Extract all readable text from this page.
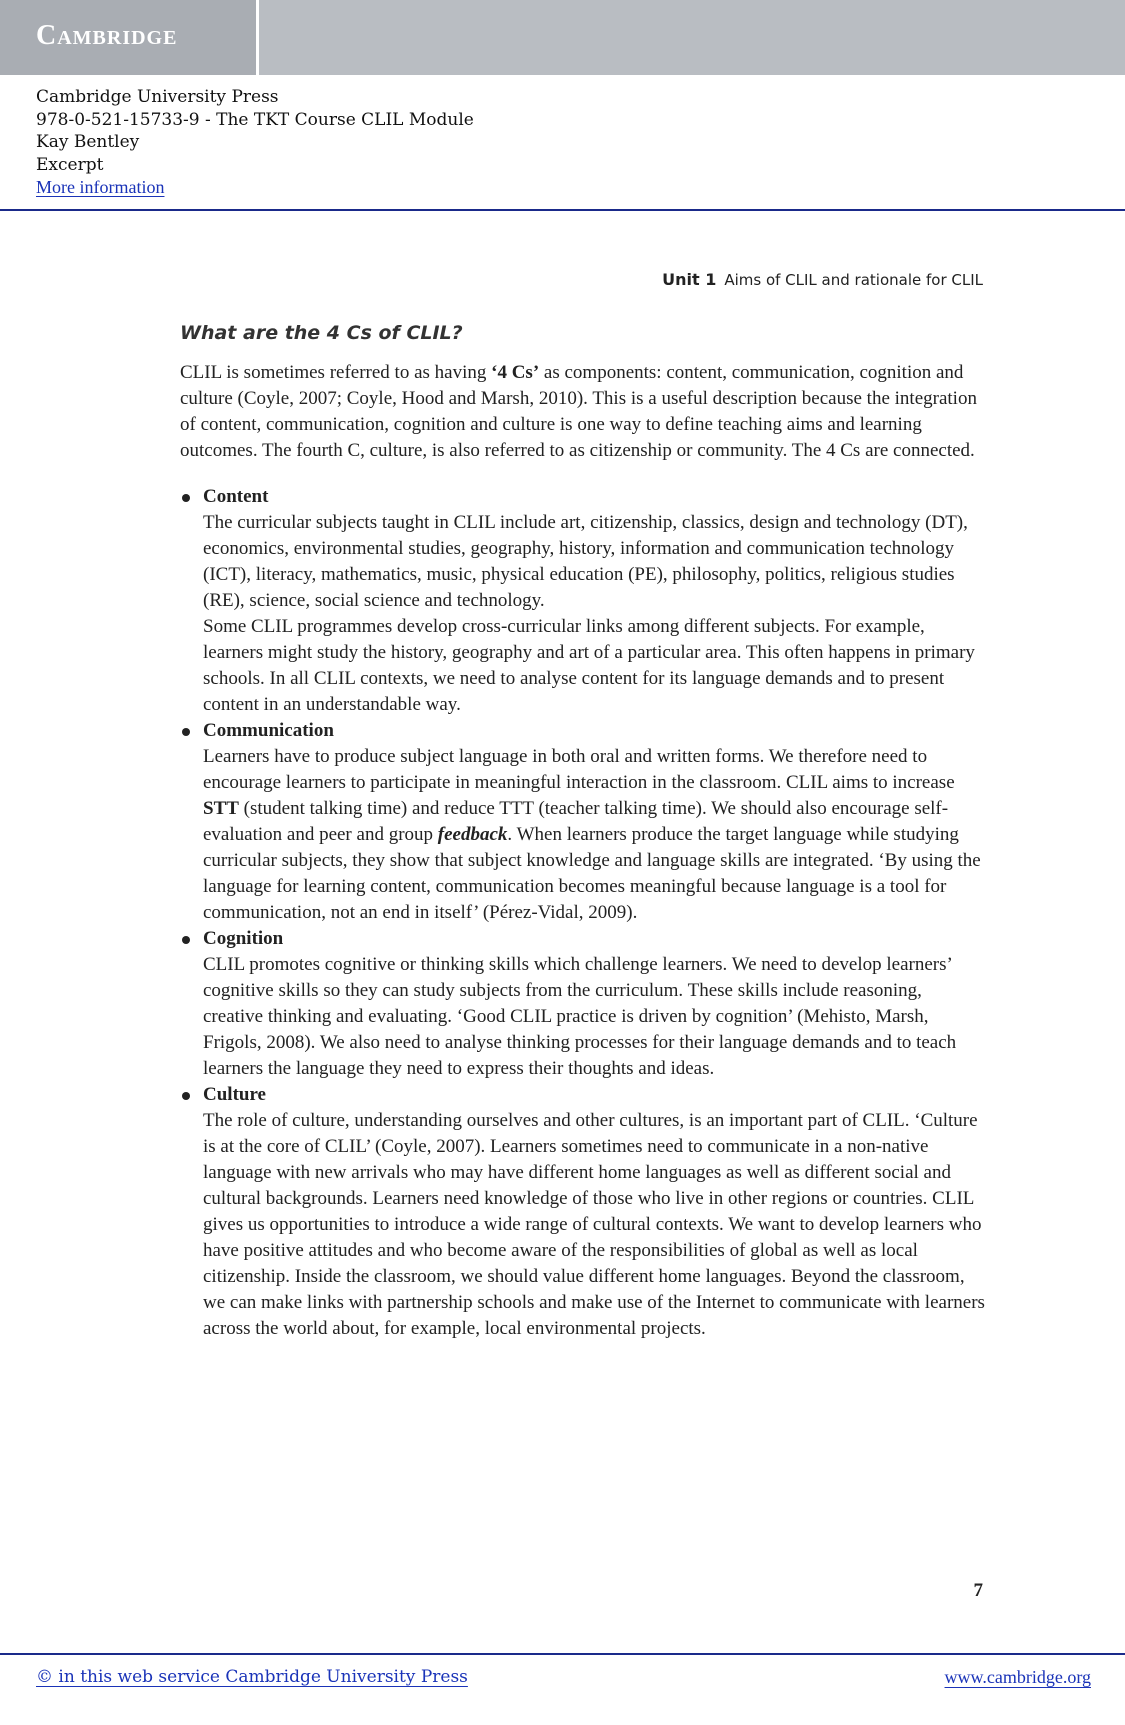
Cambridge
Cambridge University Press
978-0-521-15733-9 - The TKT Course CLIL Module
Kay Bentley
Excerpt
More information
Unit 1 Aims of CLIL and rationale for CLIL
What are the 4 Cs of CLIL?

CLIL is sometimes referred to as having ‘4 Cs’ as components: content, communication, cognition and culture (Coyle, 2007; Coyle, Hood and Marsh, 2010). This is a useful description because the integration of content, communication, cognition and culture is one way to define teaching aims and learning outcomes. The fourth C, culture, is also referred to as citizenship or community. The 4 Cs are connected.

Content

The curricular subjects taught in CLIL include art, citizenship, classics, design and technology (DT), economics, environmental studies, geography, history, information and communication technology (ICT), literacy, mathematics, music, physical education (PE), philosophy, politics, religious studies (RE), science, social science and technology.

Some CLIL programmes develop cross-curricular links among different subjects. For example, learners might study the history, geography and art of a particular area. This often happens in primary schools. In all CLIL contexts, we need to analyse content for its language demands and to present content in an understandable way.

Communication

Learners have to produce subject language in both oral and written forms. We therefore need to encourage learners to participate in meaningful interaction in the classroom. CLIL aims to increase STT (student talking time) and reduce TTT (teacher talking time). We should also encourage self-evaluation and peer and group feedback. When learners produce the target language while studying curricular subjects, they show that subject knowledge and language skills are integrated. ‘By using the language for learning content, communication becomes meaningful because language is a tool for communication, not an end in itself’ (Pérez-Vidal, 2009).

Cognition

CLIL promotes cognitive or thinking skills which challenge learners. We need to develop learners’ cognitive skills so they can study subjects from the curriculum. These skills include reasoning, creative thinking and evaluating. ‘Good CLIL practice is driven by cognition’ (Mehisto, Marsh, Frigols, 2008). We also need to analyse thinking processes for their language demands and to teach learners the language they need to express their thoughts and ideas.

Culture

The role of culture, understanding ourselves and other cultures, is an important part of CLIL. ‘Culture is at the core of CLIL’ (Coyle, 2007). Learners sometimes need to communicate in a non-native language with new arrivals who may have different home languages as well as different social and cultural backgrounds. Learners need knowledge of those who live in other regions or countries. CLIL gives us opportunities to introduce a wide range of cultural contexts. We want to develop learners who have positive attitudes and who become aware of the responsibilities of global as well as local citizenship. Inside the classroom, we should value different home languages. Beyond the classroom, we can make links with partnership schools and make use of the Internet to communicate with learners across the world about, for example, local environmental projects.

7
© in this web service Cambridge University Press	www.cambridge.org
